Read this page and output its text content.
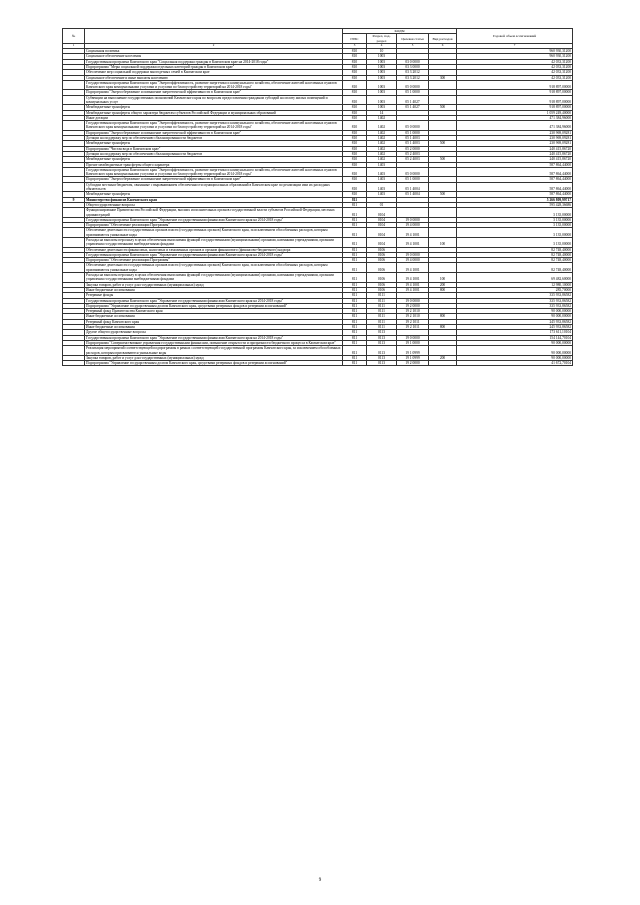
№		КОДЫ				Годовой объем ассигнований
		ГРБС	Раздел, под-раздел	Целевая статья	Вид расходов	
1	2	3	4	5	6	7
	Социальная политика	810	10			960 930,31200
	Социальное обеспечение населения	810	1003			960 930,31200
	Государственная программа Камчатского края "Социальная поддержка граждан в Камчатском крае на 2014-2018 годы"	810	1003	03 0 0000		42 033,31200
	Подпрограмма "Меры социальной поддержки отдельных категорий граждан в Камчатском крае"	810	1003	03 3 0000		42 033,31200
	Обеспечение мер социальной поддержки многодетных семей в Камчатском крае	810	1003	03 3 2012		42 033,31200
	Социальное обеспечение и иные выплаты населению	810	1003	03 3 2012	300	42 033,31200
	Государственная программа Камчатского края "Энергоэффективность, развитие энергетики и коммунального хозяйства, обеспечение жителей населенных пунктов Камчатского края коммунальными услугами и услугами по благоустройству территорий на 2014-2018 годы"	810	1003	05 0 0000		918 897,00000
	Подпрограмма "Энергосбережение и повышение энергетической эффективности в Камчатском крае"	810	1003	05 1 0000		918 897,00000
	Субвенции на выполнение государственных полномочий Камчатского края по вопросам предоставления гражданам субсидий на оплату жилых помещений и коммунальных услуг	810	1003	05 1 4027		918 897,00000
	Межбюджетные трансферты	810	1003	05 1 4027	500	918 897,00000
	Межбюджетные трансферты общего характера бюджетам субъектов Российской Федерации и муниципальных образований	810	14			1 059 249,40000
	Иные дотации	810	1402			471 384,96000
	Государственная программа Камчатского края "Энергоэффективность, развитие энергетики и коммунального хозяйства, обеспечение жителей населенных пунктов Камчатского края коммунальными услугами и услугами по благоустройству территорий на 2014-2018 годы"	810	1402	05 0 0000		471 384,96000
	Подпрограмма "Энергосбережение и повышение энергетической эффективности в Камчатском крае"	810	1402	05 1 0000		230 969,09281
	Дотации на поддержку мер по обеспечению сбалансированности бюджетов	810	1402	05 1 4003		230 969,09281
	Межбюджетные трансферты	810	1402	05 1 4003	500	230 969,09281
	Подпрограмма "Чистая вода в Камчатском крае"	810	1402	05 2 0000		240 415,86720
	Дотации на поддержку мер по обеспечению сбалансированности бюджетов	810	1402	05 2 4003		240 415,86720
	Межбюджетные трансферты	810	1402	05 2 4003	500	240 415,86720
	Прочие межбюджетные трансферты общего характера	810	1403			587 864,44000
	Государственная программа Камчатского края "Энергоэффективность, развитие энергетики и коммунального хозяйства, обеспечение жителей населенных пунктов Камчатского края коммунальными услугами и услугами по благоустройству территорий на 2014-2018 годы"	810	1403	05 0 0000		587 864,44000
	Подпрограмма "Энергосбережение и повышение энергетической эффективности в Камчатском крае"	810	1403	05 1 0000		587 864,44000
	Субсидии местным бюджетам, связанные с выравниванием обеспеченности муниципальных образований в Камчатском крае по реализации ими их расходных обязательств	810	1403	05 1 4004		587 864,44000
	Межбюджетные трансферты	810	1403	05 1 4004	500	587 864,44000
9	Министерство финансов Камчатского края	811				5 266 809,99717
	Общегосударственные вопросы	811	01			595 428,36686
	Функционирование Правительства Российской Федерации, высших исполнительных органов государственной власти субъектов Российской Федерации, местных администраций	811	0104			3 135,00000
	Государственная программа Камчатского края "Управление государственными финансами Камчатского края на 2014-2018 годы"	811	0104	19 0 0000		3 135,00000
	Подпрограмма "Обеспечение реализации Программы"	811	0104	19 4 0000		3 135,00000
	Обеспечение деятельности государственных органов власти (государственных органов) Камчатского края, за исключением обособленных расходов, которым присваиваются уникальные коды	811	0104	19 4 1001		3 135,00000
	Расходы на выплаты персоналу в целях обеспечения выполнения функций государственными (муниципальными) органами, казенными учреждениями, органами управления государственными внебюджетными фондами	811	0104	19 4 1001	100	3 135,00000
	Обеспечение деятельности финансовых, налоговых и таможенных органов и органов финансового (финансово-бюджетного) надзора	811	0106			82 748,40000
	Государственная программа Камчатского края "Управление государственными финансами Камчатского края на 2014-2018 годы"	811	0106	19 0 0000		82 748,40000
	Подпрограмма "Обеспечение реализации Программы"	811	0106	19 4 0000		82 748,40000
	Обеспечение деятельности государственных органов власти (государственных органов) Камчатского края, за исключением обособленных расходов, которым присваиваются уникальные коды	811	0106	19 4 1001		82 748,40000
	Расходы на выплаты персоналу в целях обеспечения выполнения функций государственными (муниципальными) органами, казенными учреждениями, органами управления государственными внебюджетными фондами	811	0106	19 4 1001	100	69 482,60000
	Закупка товаров, работ и услуг для государственных (муниципальных) нужд	811	0106	19 4 1001	200	12 980,10000
	Иные бюджетные ассигнования	811	0106	19 4 1001	800	285,70000
	Резервные фонды	811	0111			335 933,86582
	Государственная программа Камчатского края "Управление государственными финансами Камчатского края на 2014-2018 годы"	811	0111	19 0 0000		335 933,86582
	Подпрограмма "Управление государственным долгом Камчатского края, средствами резервных фондов и резервами ассигнований"	811	0111	19 2 0000		335 933,86582
	Резервный фонд Правительства Камчатского края	811	0111	19 2 1010		90 000,00000
	Иные бюджетные ассигнования	811	0111	19 2 1010	800	90 000,00000
	Резервный фонд Камчатского края	811	0111	19 2 1011		245 933,86582
	Иные бюджетные ассигнования	811	0111	19 2 1011	800	245 933,86582
	Другие общегосударственные вопросы	811	0113			173 611,10104
	Государственная программа Камчатского края "Управление государственными финансами Камчатского края на 2014-2018 годы"	811	0113	19 0 0000		154 144,70104
	Подпрограмма "Совершенствование управления государственными финансами, повышение открытости и прозрачности бюджетного процесса в Камчатском крае"	811	0113	19 1 0000		90 000,00000
	Реализация мероприятий соответствующей подпрограммы в рамках соответствующей государственной программы Камчатского края, за исключением обособленных расходов, которым присваиваются уникальные коды	811	0113	19 1 0999		90 000,00000
	Закупка товаров, работ и услуг для государственных (муниципальных) нужд	811	0113	19 1 0999	200	90 000,00000
	Подпрограмма "Управление государственным долгом Камчатского края, средствами резервных фондов и резервами ассигнований"	811	0113	19 2 0000		41 672,70104
9
